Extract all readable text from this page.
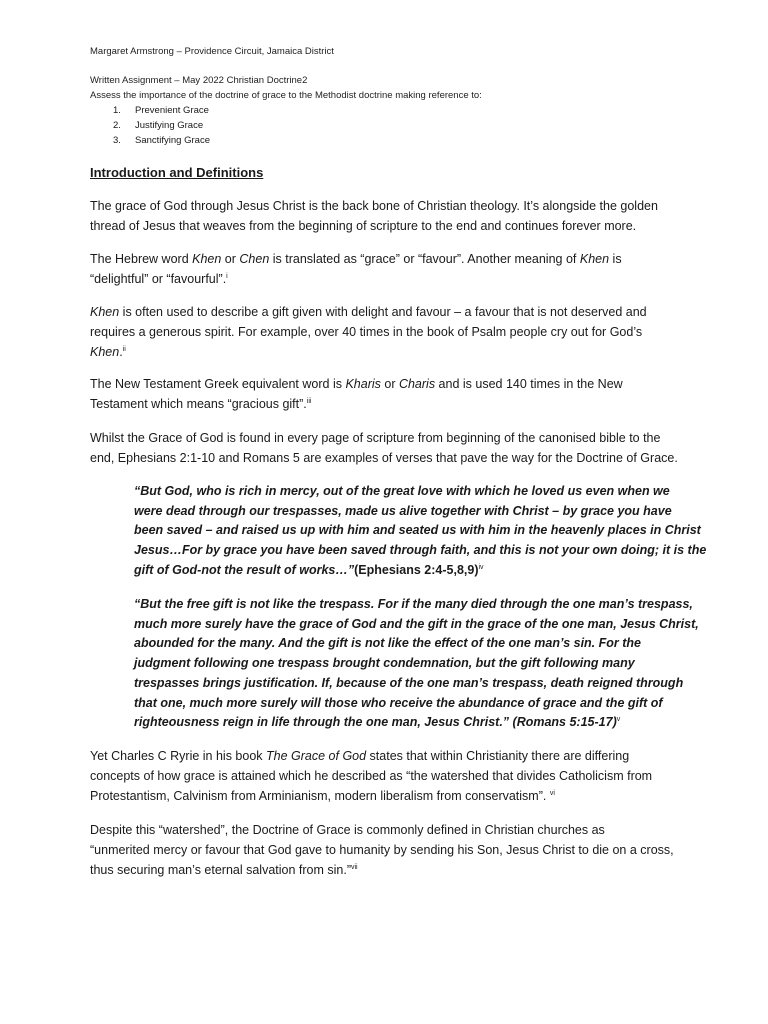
Margaret Armstrong – Providence Circuit, Jamaica District
Written Assignment – May 2022 Christian Doctrine2
Assess the importance of the doctrine of grace to the Methodist doctrine making reference to:
1.	Prevenient Grace
2.	Justifying Grace
3.	Sanctifying Grace
Introduction and Definitions

The grace of God through Jesus Christ is the back bone of Christian theology. It’s alongside the golden

thread of Jesus that weaves from the beginning of scripture to the end and continues forever more.

The Hebrew word Khen or Chen is translated as “grace” or “favour”. Another meaning of Khen is

“delightful” or “favourful”.$^i$

Khen is often used to describe a gift given with delight and favour – a favour that is not deserved and

requires a generous spirit. For example, over 40 times in the book of Psalm people cry out for God’s

Khen.$^{ii}$

The New Testament Greek equivalent word is Kharis or Charis and is used 140 times in the New

Testament which means “gracious gift”.$^{iii}$

Whilst the Grace of God is found in every page of scripture from beginning of the canonised bible to the

end, Ephesians 2:1-10 and Romans 5 are examples of verses that pave the way for the Doctrine of Grace.

“But God, who is rich in mercy, out of the great love with which he loved us even when we

were dead through our trespasses, made us alive together with Christ – by grace you have

been saved – and raised us up with him and seated us with him in the heavenly places in Christ

Jesus…For by grace you have been saved through faith, and this is not your own doing; it is the

gift of God-not the result of works…”(Ephesians 2:4-5,8,9)$^{iv}$

“But the free gift is not like the trespass. For if the many died through the one man’s trespass,

much more surely have the grace of God and the gift in the grace of the one man, Jesus Christ,

abounded for the many. And the gift is not like the effect of the one man’s sin. For the

judgment following one trespass brought condemnation, but the gift following many

trespasses brings justification. If, because of the one man’s trespass, death reigned through

that one, much more surely will those who receive the abundance of grace and the gift of

righteousness reign in life through the one man, Jesus Christ.” (Romans 5:15-17)$^v$

Yet Charles C Ryrie in his book The Grace of God states that within Christianity there are differing

concepts of how grace is attained which he described as “the watershed that divides Catholicism from

Protestantism, Calvinism from Arminianism, modern liberalism from conservatism”. $^{vi}$

Despite this “watershed”, the Doctrine of Grace is commonly defined in Christian churches as

“unmerited mercy or favour that God gave to humanity by sending his Son, Jesus Christ to die on a cross,

thus securing man’s eternal salvation from sin.”$^{vii}$
